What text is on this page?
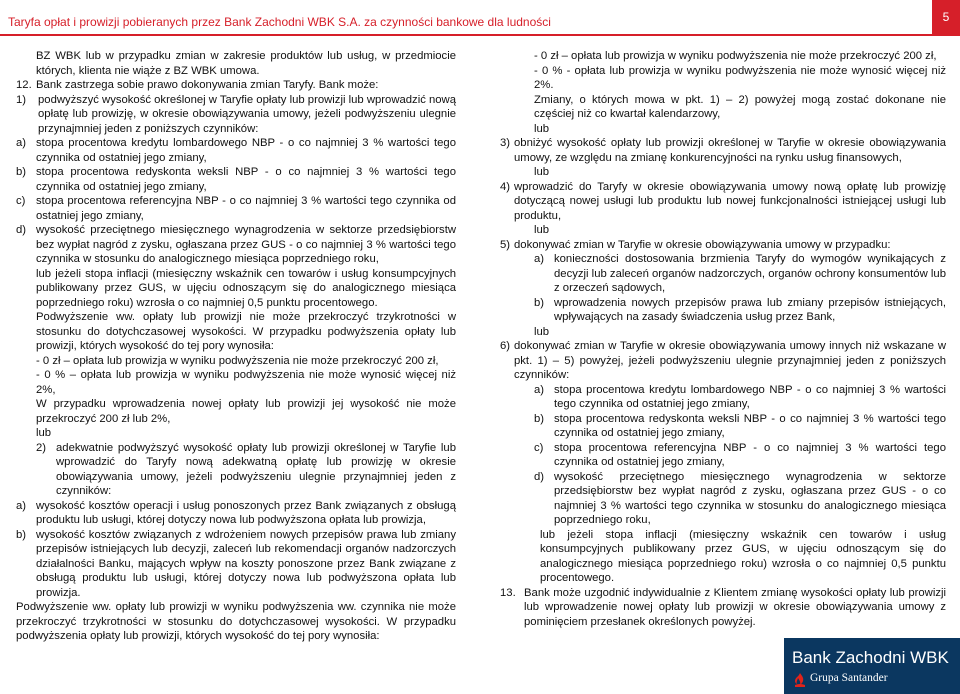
Taryfa opłat i prowizji pobieranych przez Bank Zachodni WBK S.A. za czynności bankowe dla ludności	5

BZ WBK lub w przypadku zmian w zakresie produktów lub usług, w przedmiocie których, klienta nie wiąże z BZ WBK umowa.

12. Bank zastrzega sobie prawo dokonywania zmian Taryfy. Bank może:
1)	podwyższyć wysokość określonej w Taryfie opłaty lub prowizji lub wprowadzić nową opłatę lub prowizję, w okresie obowiązywania umowy, jeżeli podwyższeniu ulegnie przynajmniej jeden z poniższych czynników:
a) stopa procentowa kredytu lombardowego NBP - o co najmniej 3 % wartości tego czynnika od ostatniej jego zmiany,
b) stopa procentowa redyskonta weksli NBP - o co najmniej 3 % wartości tego czynnika od ostatniej jego zmiany,
c) stopa procentowa referencyjna NBP - o co najmniej 3 % wartości tego czynnika od ostatniej jego zmiany,
d) wysokość przeciętnego miesięcznego wynagrodzenia w sektorze przedsiębiorstw bez wypłat nagród z zysku, ogłaszana przez GUS - o co najmniej 3 % wartości tego czynnika w stosunku do analogicznego miesiąca poprzedniego roku,

lub jeżeli stopa inflacji (miesięczny wskaźnik cen towarów i usług konsumpcyjnych publikowany przez GUS, w ujęciu odnoszącym się do analogicznego miesiąca poprzedniego roku) wzrosła o co najmniej 0,5 punktu procentowego.

Podwyższenie ww. opłaty lub prowizji nie może przekroczyć trzykrotności w stosunku do dotychczasowej wysokości. W przypadku podwyższenia opłaty lub prowizji, których wysokość do tej pory wynosiła:

- 0 zł – opłata lub prowizja w wyniku podwyższenia nie może przekroczyć 200 zł,

- 0 % – opłata lub prowizja w wyniku podwyższenia nie może wynosić więcej niż 2%,

W przypadku wprowadzenia nowej opłaty lub prowizji jej wysokość nie może przekroczyć 200 zł lub 2%,

lub

2) adekwatnie podwyższyć wysokość opłaty lub prowizji określonej w Taryfie lub wprowadzić do Taryfy nową adekwatną opłatę lub prowizję w okresie obowiązywania umowy, jeżeli podwyższeniu ulegnie przynajmniej jeden z czynników:
a) wysokość kosztów operacji i usług ponoszonych przez Bank związanych z obsługą produktu lub usługi, której dotyczy nowa lub podwyższona opłata lub prowizja,
b) wysokość kosztów związanych z wdrożeniem nowych przepisów prawa lub zmiany przepisów istniejących lub decyzji, zaleceń lub rekomendacji organów nadzorczych działalności Banku, mających wpływ na koszty ponoszone przez Bank związane z obsługą produktu lub usługi, której dotyczy nowa lub podwyższona opłata lub prowizja.

Podwyższenie ww. opłaty lub prowizji w wyniku podwyższenia ww. czynnika nie może przekroczyć trzykrotności w stosunku do dotychczasowej wysokości. W przypadku podwyższenia opłaty lub prowizji, których wysokość do tej pory wynosiła:

- 0 zł – opłata lub prowizja w wyniku podwyższenia nie może przekroczyć 200 zł,

- 0 % - opłata lub prowizja w wyniku podwyższenia nie może wynosić więcej niż 2%.

Zmiany, o których mowa w pkt. 1) – 2) powyżej mogą zostać dokonane nie częściej niż co kwartał kalendarzowy,

lub

3) obniżyć wysokość opłaty lub prowizji określonej w Taryfie w okresie obowiązywania umowy, ze względu na zmianę konkurencyjności na rynku usług finansowych,

lub

4) wprowadzić do Taryfy w okresie obowiązywania umowy nową opłatę lub prowizję dotyczącą nowej usługi lub produktu lub nowej funkcjonalności istniejącej usługi lub produktu,

lub

5) dokonywać zmian w Taryfie w okresie obowiązywania umowy w przypadku:
a) konieczności dostosowania brzmienia Taryfy do wymogów wynikających z decyzji lub zaleceń organów nadzorczych, organów ochrony konsumentów lub z orzeczeń sądowych,
b) wprowadzenia nowych przepisów prawa lub zmiany przepisów istniejących, wpływających na zasady świadczenia usług przez Bank,

lub

6) dokonywać zmian w Taryfie w okresie obowiązywania umowy innych niż wskazane w pkt. 1) – 5) powyżej, jeżeli podwyższeniu ulegnie przynajmniej jeden z poniższych czynników:
a) stopa procentowa kredytu lombardowego NBP - o co najmniej 3 % wartości tego czynnika od ostatniej jego zmiany,
b) stopa procentowa redyskonta weksli NBP - o co najmniej 3 % wartości tego czynnika od ostatniej jego zmiany,
c) stopa procentowa referencyjna NBP - o co najmniej 3 % wartości tego czynnika od ostatniej jego zmiany,
d) wysokość przeciętnego miesięcznego wynagrodzenia w sektorze przedsiębiorstw bez wypłat nagród z zysku, ogłaszana przez GUS - o co najmniej 3 % wartości tego czynnika w stosunku do analogicznego miesiąca poprzedniego roku,

lub jeżeli stopa inflacji (miesięczny wskaźnik cen towarów i usług konsumpcyjnych publikowany przez GUS, w ujęciu odnoszącym się do analogicznego miesiąca poprzedniego roku) wzrosła o co najmniej 0,5 punktu procentowego.

13. Bank może uzgodnić indywidualnie z Klientem zmianę wysokości opłaty lub prowizji lub wprowadzenie nowej opłaty lub prowizji w okresie obowiązywania umowy z pominięciem przesłanek określonych powyżej.
Bank Zachodni WBK
Grupa Santander
